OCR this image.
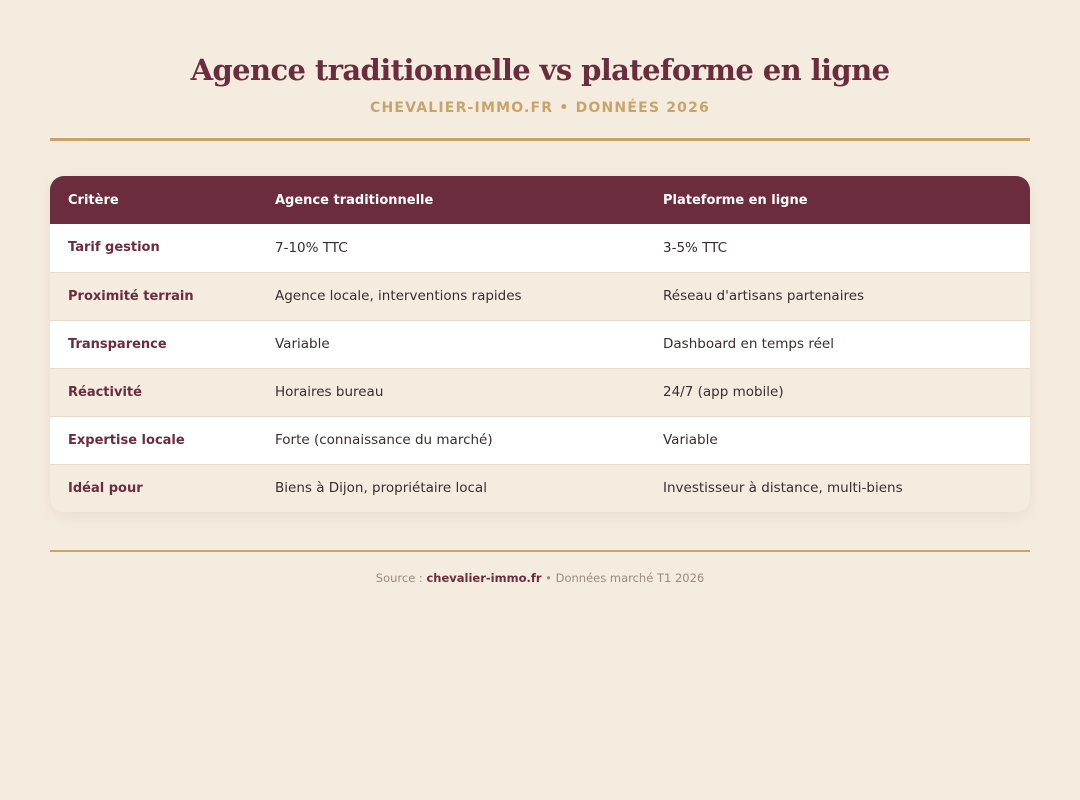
Agence traditionnelle vs plateforme en ligne
CHEVALIER-IMMO.FR • DONNÉES 2026
Critère	Agence traditionnelle	Plateforme en ligne
Tarif gestion	7-10% TTC	3-5% TTC
Proximité terrain	Agence locale, interventions rapides	Réseau d'artisans partenaires
Transparence	Variable	Dashboard en temps réel
Réactivité	Horaires bureau	24/7 (app mobile)
Expertise locale	Forte (connaissance du marché)	Variable
Idéal pour	Biens à Dijon, propriétaire local	Investisseur à distance, multi-biens
Source : chevalier-immo.fr • Données marché T1 2026
